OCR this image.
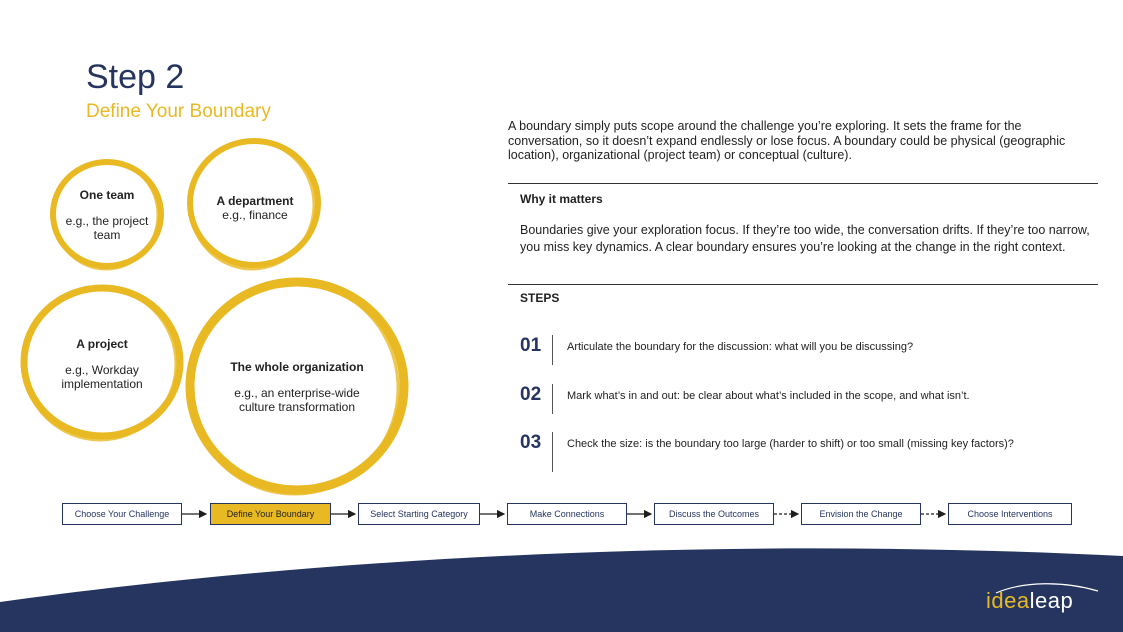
Step 2
Define Your Boundary
One team
e.g., the project team
A department
e.g., finance
A project
e.g., Workday implementation
The whole organization
e.g., an enterprise-wide culture transformation
A boundary simply puts scope around the challenge you’re exploring. It sets the frame for the conversation, so it doesn’t expand endlessly or lose focus. A boundary could be physical (geographic location), organizational (project team) or conceptual (culture).
Why it matters
Boundaries give your exploration focus. If they’re too wide, the conversation drifts. If they’re too narrow, you miss key dynamics. A clear boundary ensures you’re looking at the change in the right context.
STEPS
01 Articulate the boundary for the discussion: what will you be discussing?
02 Mark what’s in and out: be clear about what’s included in the scope, and what isn’t.
03 Check the size: is the boundary too large (harder to shift) or too small (missing key factors)?
Choose Your Challenge	Define Your Boundary	Select Starting Category	Make Connections	Discuss the Outcomes	Envision the Change	Choose Interventions
idealeap
